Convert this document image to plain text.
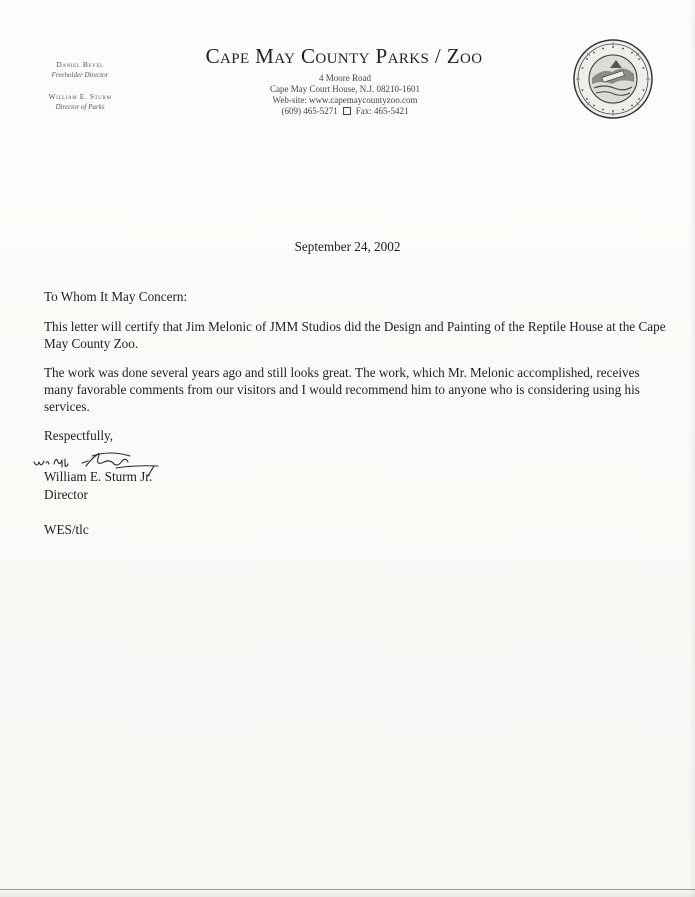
Daniel Beyel
Freeholder Director
William E. Sturm
Director of Parks
Cape May County Parks / Zoo
4 Moore Road
Cape May Court House, N.J. 08210-1601
Web-site: www.capemaycountyzoo.com
(609) 465-5271 Fax: 465-5421
September 24, 2002
To Whom It May Concern:
This letter will certify that Jim Melonic of JMM Studios did the Design and Painting of the Reptile House at the Cape May County Zoo.
The work was done several years ago and still looks great. The work, which Mr. Melonic accomplished, receives many favorable comments from our visitors and I would recommend him to anyone who is considering using his services.
Respectfully,
William E. Sturm Jr.
Director
WES/tlc
